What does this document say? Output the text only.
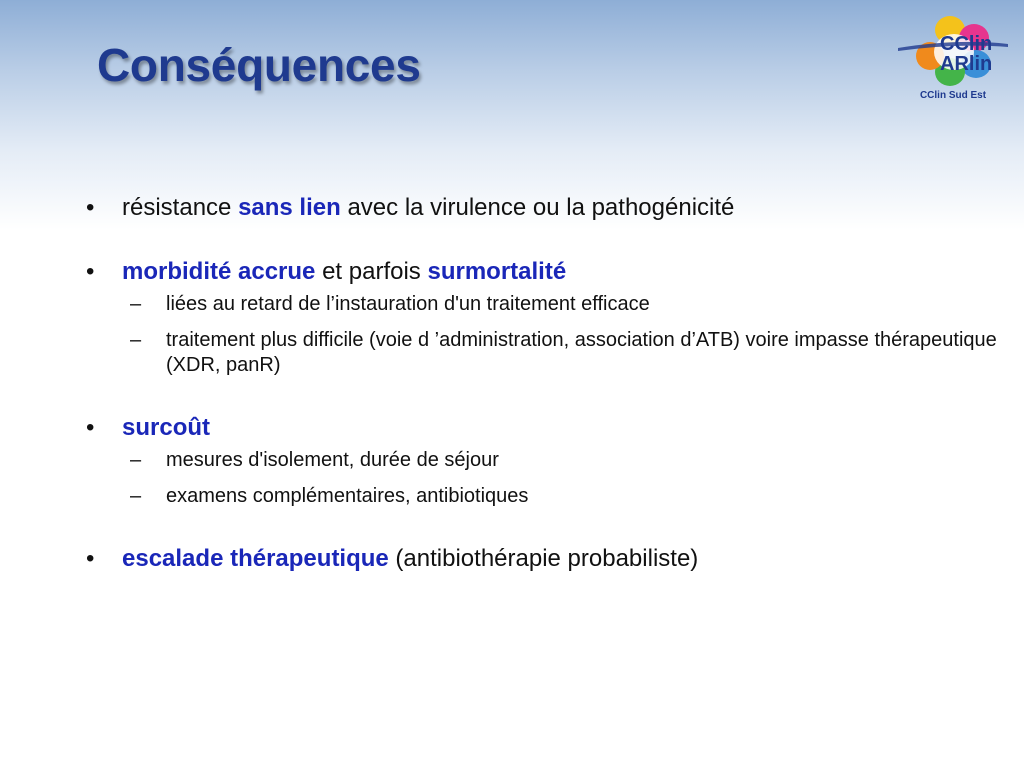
Conséquences	CClin
ARlin
CClin Sud Est
•	résistance sans lien avec la virulence ou la pathogénicité
•	morbidité accrue et parfois surmortalité
– liées au retard de l’instauration d'un traitement efficace
– traitement plus difficile (voie d ’administration, association d’ATB) voire impasse thérapeutique (XDR, panR)
•	surcoût
– mesures d'isolement, durée de séjour
– examens complémentaires, antibiotiques
•	escalade thérapeutique (antibiothérapie probabiliste)
